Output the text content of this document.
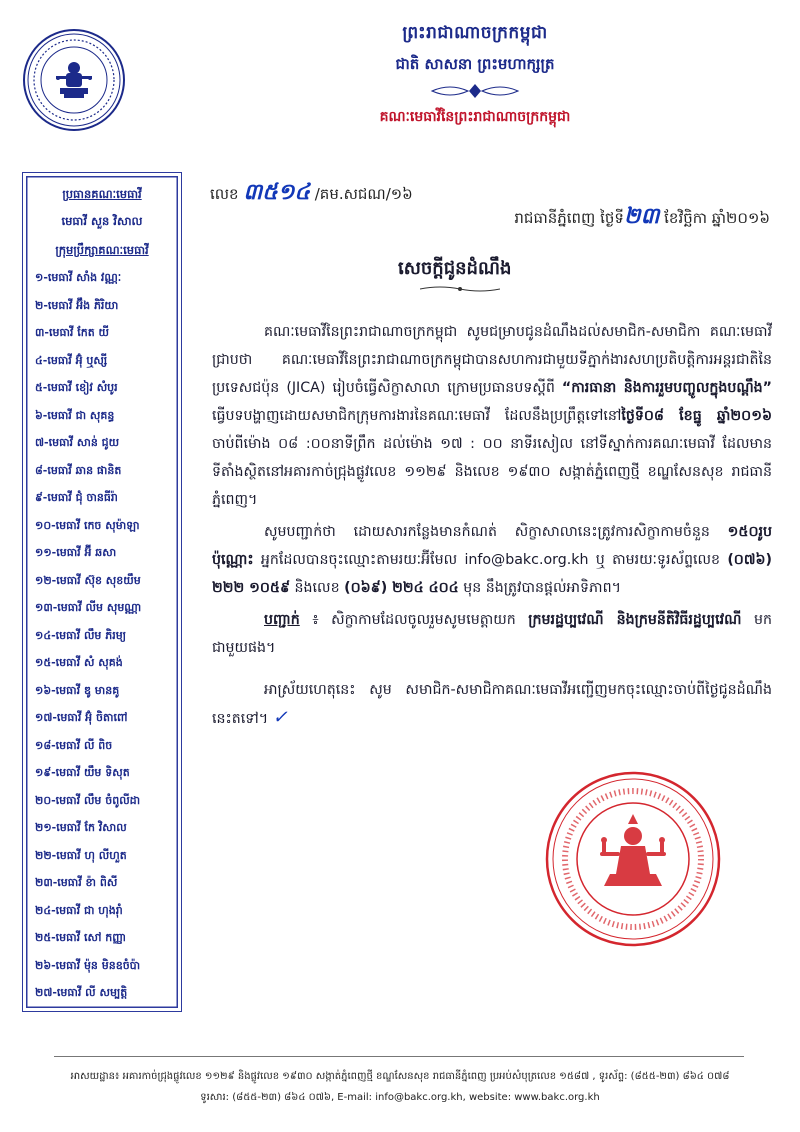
ព្រះរាជាណាចក្រកម្ពុជា
ជាតិ សាសនា ព្រះមហាក្សត្រ
គណៈមេធាវីនៃព្រះរាជាណាចក្រកម្ពុជា
ប្រធានគណៈមេធាវី
មេធាវី សួន វិសាល
ក្រុមប្រឹក្សាគណៈមេធាវី
១-មេធាវី សាំង វណ្ណៈ
២-មេធាវី អ៊ឹង ភិរិយា
៣-មេធាវី កែត យី
៤-មេធាវី អ៊ុំ ឬស្សី
៥-មេធាវី ខៀវ សំបូរ
៦-មេធាវី ជា សុគន្ធ
៧-មេធាវី សាន់ ជូយ
៨-មេធាវី ឆាន ផានិត
៩-មេធាវី ជុំ ចានធីរ៉ា
១០-មេធាវី កេច សុម៉ាឡា
១១-មេធាវី អ៊ី ឆសា
១២-មេធាវី ស៊ុខ សុខយឹម
១៣-មេធាវី លីម សុមណ្ណា
១៤-មេធាវី លឹម ភិរម្យ
១៥-មេធាវី សំ សុគង់
១៦-មេធាវី ឌូ មានគូ
១៧-មេធាវី អ៊ុំ ចិតាពៅ
១៨-មេធាវី លី ពិច
១៩-មេធាវី យឹម ទិសុត
២០-មេធាវី លឹម ចំពូលីដា
២១-មេធាវី កែ វិសាល
២២-មេធាវី ហុ លីហួត
២៣-មេធាវី ខ៉ា ពិសី
២៤-មេធាវី ជា ហុងរ៉ាំ
២៥-មេធាវី សៅ កញ្ញា
២៦-មេធាវី ម៉ុន មិនឧចំប៉ា
២៧-មេធាវី លី សម្បត្តិ
លេខ ៣៥១៤ /គម.សជណ/១៦
រាជធានីភ្នំពេញ ថ្ងៃទី២៣ ខែវិច្ឆិកា ឆ្នាំ២០១៦
សេចក្តីជូនដំណឹង

គណៈមេធាវីនៃព្រះរាជាណាចក្រកម្ពុជា សូមជម្រាបជូនដំណឹងដល់សមាជិក-សមាជិកា គណៈមេធាវីជ្រាបថា គណៈមេធាវីនៃព្រះរាជាណាចក្រកម្ពុជាបានសហការជាមួយទីភ្នាក់ងារសហប្រតិបត្តិការអន្តរជាតិនៃប្រទេសជប៉ុន (JICA) រៀបចំធ្វើសិក្ខាសាលា ក្រោមប្រធានបទស្តីពី “ការធានា និងការរួមបញ្ចូលក្នុងបណ្តឹង” ធ្វើបទបង្ហាញដោយសមាជិកក្រុមការងារនៃគណៈមេធាវី ដែលនឹងប្រព្រឹត្តទៅនៅថ្ងៃទី០៨ ខែធ្នូ ឆ្នាំ២០១៦ ចាប់ពីម៉ោង ០៨ :០០នាទីព្រឹក ដល់ម៉ោង ១៧ : ០០ នាទីរសៀល នៅទីស្នាក់ការគណៈមេធាវី ដែលមានទីតាំងស្ថិតនៅអគារកាច់ជ្រុងផ្លូវលេខ ១១២៩ និងលេខ ១៩៣០ សង្កាត់ភ្នំពេញថ្មី ខណ្ឌសែនសុខ រាជធានីភ្នំពេញ។

សូមបញ្ជាក់ថា ដោយសារកន្លែងមានកំណត់ សិក្ខាសាលានេះត្រូវការសិក្ខាកាមចំនួន ១៥០រូបប៉ុណ្ណោះ អ្នកដែលបានចុះឈ្មោះតាមរយៈអ៊ីមែល info@bakc.org.kh ឬ តាមរយៈទូរស័ព្ទលេខ (០៧៦) ២២២ ១០៥៩ និងលេខ (០៦៩) ២២៤ ៤០៤ មុន នឹងត្រូវបានផ្តល់អាទិភាព។

បញ្ជាក់ ៖ សិក្ខាកាមដែលចូលរួមសូមមេត្តាយក ក្រមរដ្ឋប្បវេណី និងក្រមនីតិវិធីរដ្ឋប្បវេណី មកជាមួយផង។

អាស្រ័យហេតុនេះ សូម សមាជិក-សមាជិកាគណៈមេធាវីអញ្ជើញមកចុះឈ្មោះចាប់ពីថ្ងៃជូនដំណឹងនេះតទៅ។ ✓

អាសយដ្ឋាន៖ អគារកាច់ជ្រុងផ្លូវលេខ ១១២៩ និងផ្លូវលេខ ១៩៣០ សង្កាត់ភ្នំពេញថ្មី ខណ្ឌសែនសុខ រាជធានីភ្នំពេញ ប្រអប់សំបុត្រលេខ ១៥៨៧ , ទូរស័ព្ទ: (៨៥៥-២៣) ៨៦៤ ០៧៨
ទូរសារ: (៨៥៥-២៣) ៨៦៤ ០៧៦, E-mail: info@bakc.org.kh, website: www.bakc.org.kh
